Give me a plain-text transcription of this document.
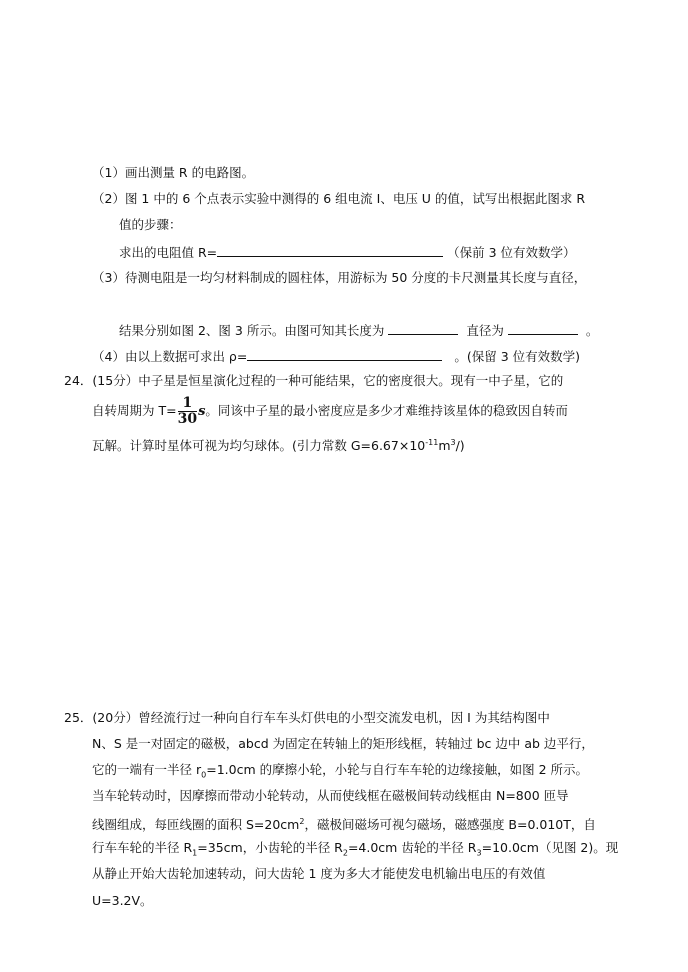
（1）画出测量 R 的电路图。
（2）图 1 中的 6 个点表示实验中测得的 6 组电流 I、电压 U 的值，试写出根据此图求 R
值的步骤：
求出的电阻值 R=	（保前 3 位有效数学）
（3）待测电阻是一均匀材料制成的圆柱体，用游标为 50 分度的卡尺测量其长度与直径，
结果分别如图 2、图 3 所示。由图可知其长度为	直径为	。
（4）由以上数据可求出 ρ=	。(保留 3 位有效数学)
24．(15分）中子星是恒星演化过程的一种可能结果，它的密度很大。现有一中子星，它的
自转周期为 $T= \frac{1}{30}$ s。同该中子星的最小密度应是多少才难维持该星体的稳致因自转而
瓦解。计算时星体可视为均匀球体。(引力常数 $G=6.67\times 10^{-11}m^3/$)
25．(20分）曾经流行过一种向自行车车头灯供电的小型交流发电机，因 I 为其结构图中
N、S 是一对固定的磁极，abcd 为固定在转轴上的矩形线框，转轴过 bc 边中 ab 边平行，
它的一端有一半径 $r_0=1.0cm$ 的摩擦小轮，小轮与自行车车轮的边缘接触，如图 2 所示。
当车轮转动时，因摩擦而带动小轮转动，从而使线框在磁极间转动线框由 N=800 匝导
线圈组成，每匝线圈的面积 $S=20cm^2$，磁极间磁场可视匀磁场，磁感强度 B=0.010T，自
行车车轮的半径 $R_1=35cm$，小齿轮的半径 $R_2=4.0cm$ 齿轮的半径 $R_3=10.0cm$（见图 2)。现
从静止开始大齿轮加速转动，问大齿轮 1 度为多大才能使发电机输出电压的有效值
U=3.2V。
